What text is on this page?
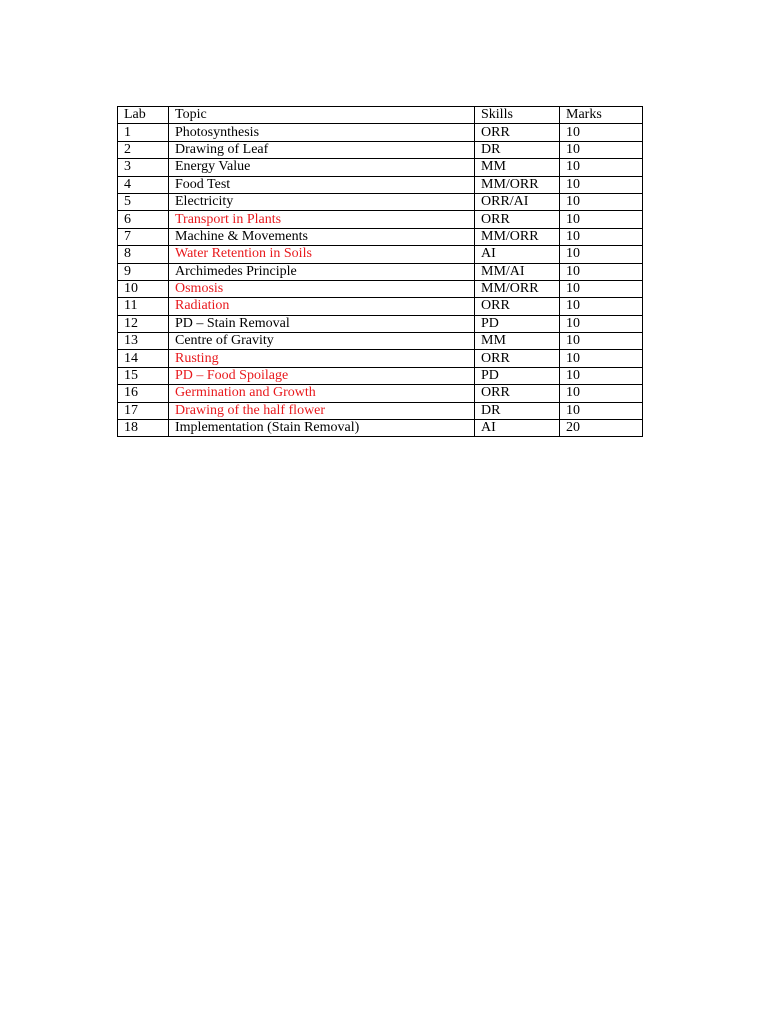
Lab	Topic	Skills	Marks
1	Photosynthesis	ORR	10
2	Drawing of Leaf	DR	10
3	Energy Value	MM	10
4	Food Test	MM/ORR	10
5	Electricity	ORR/AI	10
6	Transport in Plants	ORR	10
7	Machine & Movements	MM/ORR	10
8	Water Retention in Soils	AI	10
9	Archimedes Principle	MM/AI	10
10	Osmosis	MM/ORR	10
11	Radiation	ORR	10
12	PD – Stain Removal	PD	10
13	Centre of Gravity	MM	10
14	Rusting	ORR	10
15	PD – Food Spoilage	PD	10
16	Germination and Growth	ORR	10
17	Drawing of the half flower	DR	10
18	Implementation (Stain Removal)	AI	20
